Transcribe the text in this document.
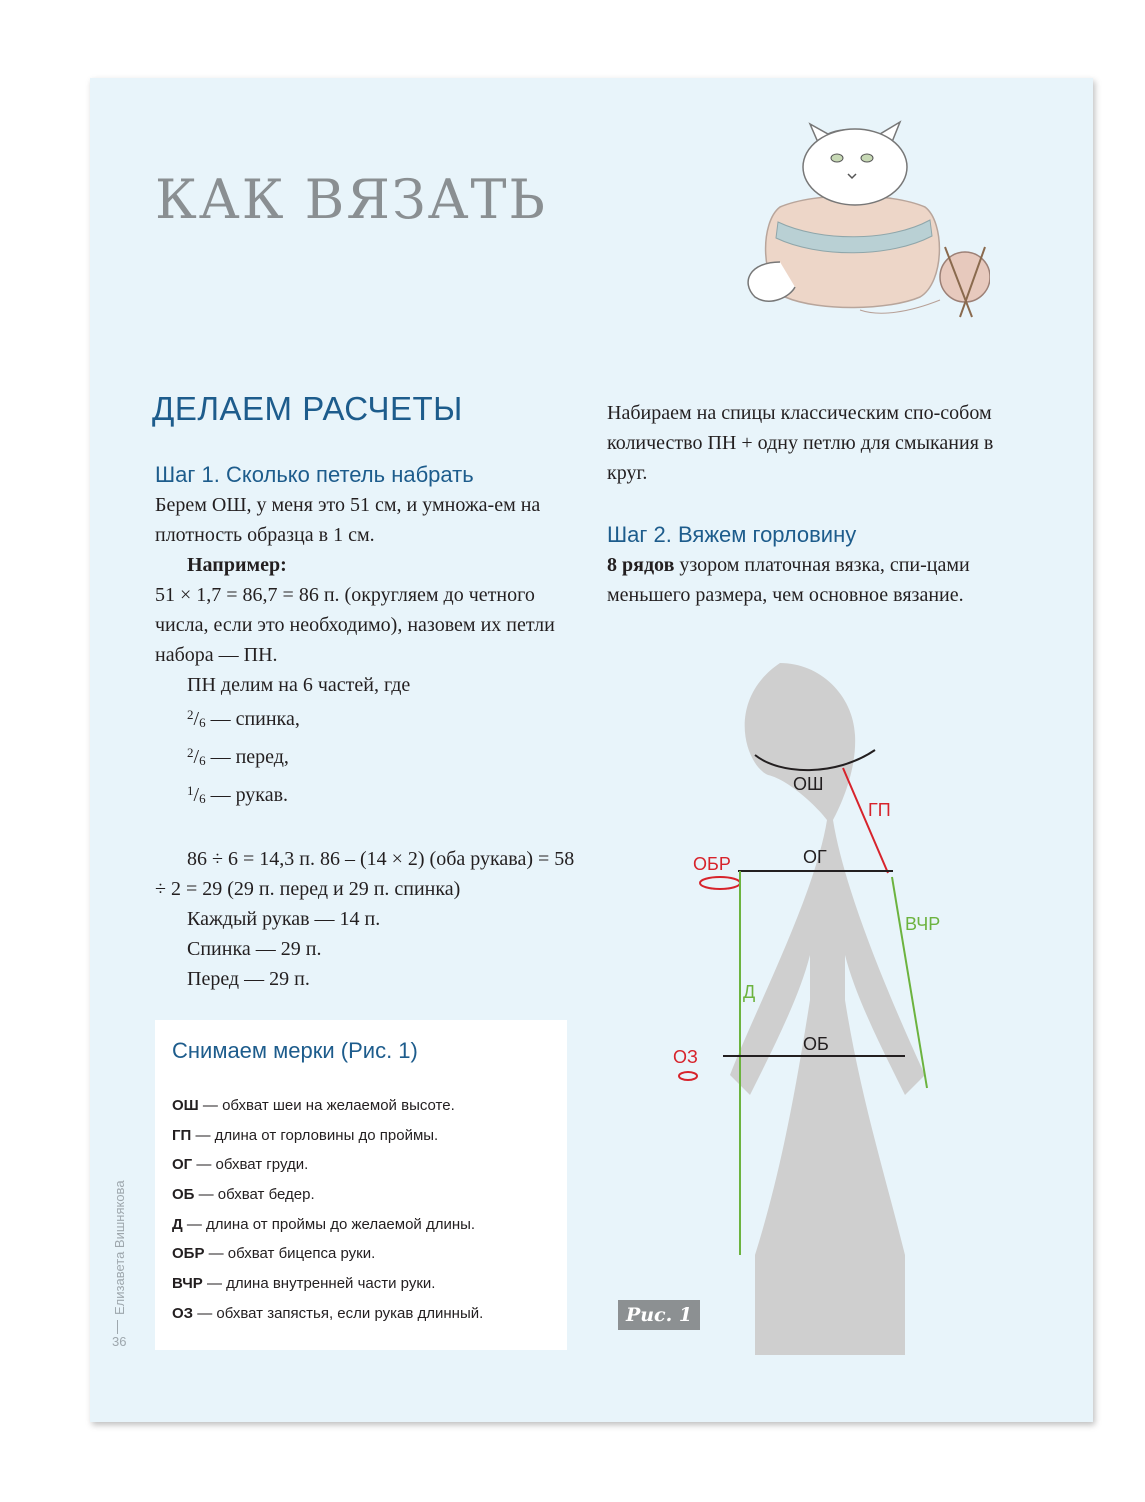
КАК ВЯЗАТЬ
ДЕЛАЕМ РАСЧЕТЫ
Шаг 1. Сколько петель набрать

Берем ОШ, у меня это 51 см, и умножа-ем на плотность образца в 1 см.

Например:

51 × 1,7 = 86,7 = 86 п. (округляем до четного числа, если это необходимо), назовем их петли набора — ПН.

ПН делим на 6 частей, где

$^2/_6$ — спинка,

$^2/_6$ — перед,

$^1/_6$ — рукав.

86 ÷ 6 = 14,3 п. 86 – (14 × 2) (оба рукава) = 58 ÷ 2 = 29 (29 п. перед и 29 п. спинка)

Каждый рукав — 14 п.

Спинка — 29 п.

Перед — 29 п.

Набираем на спицы классическим спо-собом количество ПН + одну петлю для смыкания в круг.

Шаг 2. Вяжем горловину

8 рядов узором платочная вязка, спи-цами меньшего размера, чем основное вязание.

Снимаем мерки (Рис. 1)
ОШ — обхват шеи на желаемой высоте.
ГП — длина от горловины до проймы.
ОГ — обхват груди.
ОБ — обхват бедер.
Д — длина от проймы до желаемой длины.
ОБР — обхват бицепса руки.
ВЧР — длина внутренней части руки.
ОЗ — обхват запястья, если рукав длинный.
ОШ
ГП
ОГ
ОБР
ВЧР
Д
ОБ
ОЗ
Рис. 1
Елизавета Вишнякова
36
